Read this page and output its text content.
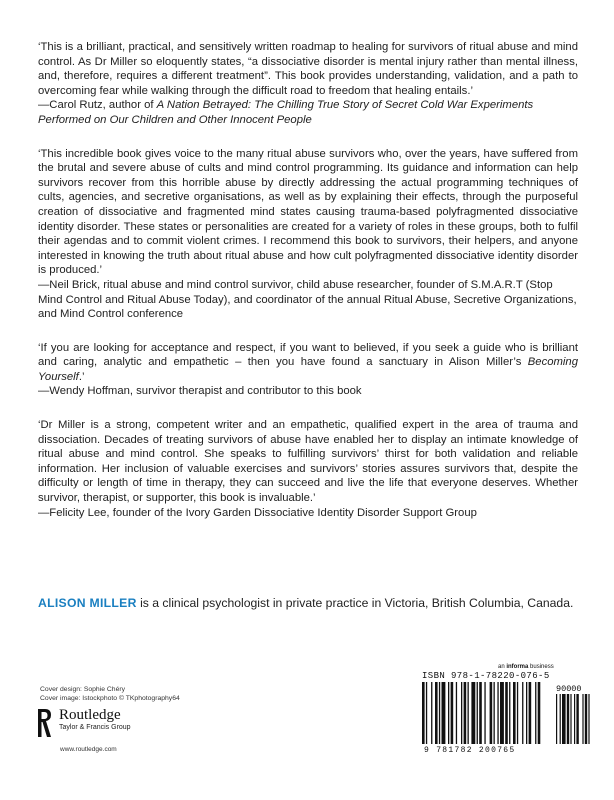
‘This is a brilliant, practical, and sensitively written roadmap to healing for survivors of ritual abuse and mind control. As Dr Miller so eloquently states, “a dissociative disorder is mental injury rather than mental illness, and, therefore, requires a different treatment”. This book provides understanding, validation, and a path to overcoming fear while walking through the difficult road to freedom that healing entails.’

—Carol Rutz, author of A Nation Betrayed: The Chilling True Story of Secret Cold War Experiments Performed on Our Children and Other Innocent People

‘This incredible book gives voice to the many ritual abuse survivors who, over the years, have suffered from the brutal and severe abuse of cults and mind control programming. Its guidance and information can help survivors recover from this horrible abuse by directly addressing the actual programming techniques of cults, agencies, and secretive organisations, as well as by explaining their effects, through the purposeful creation of dissociative and fragmented mind states causing trauma-based polyfragmented dissociative identity disorder. These states or personalities are created for a variety of roles in these groups, both to fulfil their agendas and to commit violent crimes. I recommend this book to survivors, their helpers, and anyone interested in knowing the truth about ritual abuse and how cult polyfragmented dissociative identity disorder is produced.’

—Neil Brick, ritual abuse and mind control survivor, child abuse researcher, founder of S.M.A.R.T (Stop Mind Control and Ritual Abuse Today), and coordinator of the annual Ritual Abuse, Secretive Organizations, and Mind Control conference

‘If you are looking for acceptance and respect, if you want to believed, if you seek a guide who is brilliant and caring, analytic and empathetic – then you have found a sanctuary in Alison Miller’s Becoming Yourself.’

—Wendy Hoffman, survivor therapist and contributor to this book

‘Dr Miller is a strong, competent writer and an empathetic, qualified expert in the area of trauma and dissociation. Decades of treating survivors of abuse have enabled her to display an intimate knowledge of ritual abuse and mind control. She speaks to fulfilling survivors’ thirst for both validation and reliable information. Her inclusion of valuable exercises and survivors’ stories assures survivors that, despite the difficulty or length of time in therapy, they can succeed and live the life that everyone deserves. Whether survivor, therapist, or supporter, this book is invaluable.’

—Felicity Lee, founder of the Ivory Garden Dissociative Identity Disorder Support Group

ALISON MILLER is a clinical psychologist in private practice in Victoria, British Columbia, Canada.

Cover design: Sophie Chéry
Cover image: Istockphoto © TKphotography64
Routledge
Taylor & Francis Group
www.routledge.com
an informa business
ISBN 978-1-78220-076-5
90000
9 781782 200765
